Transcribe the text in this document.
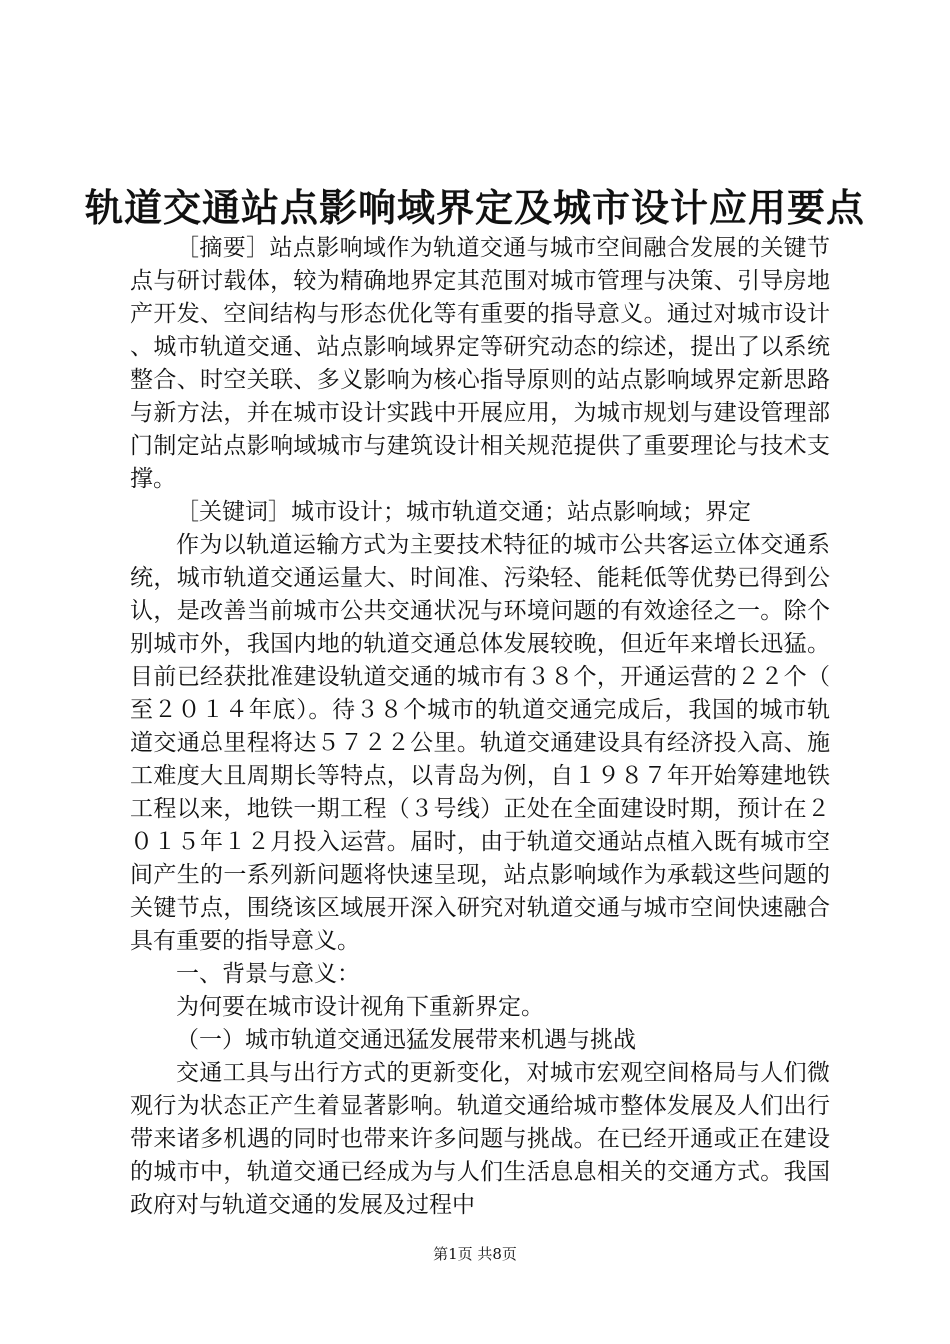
轨道交通站点影响域界定及城市设计应用要点

［摘要］站点影响域作为轨道交通与城市空间融合发展的关键节点与研讨载体，较为精确地界定其范围对城市管理与决策、引导房地产开发、空间结构与形态优化等有重要的指导意义。通过对城市设计、城市轨道交通、站点影响域界定等研究动态的综述，提出了以系统整合、时空关联、多义影响为核心指导原则的站点影响域界定新思路与新方法，并在城市设计实践中开展应用，为城市规划与建设管理部门制定站点影响域城市与建筑设计相关规范提供了重要理论与技术支撑。

［关键词］城市设计；城市轨道交通；站点影响域；界定

作为以轨道运输方式为主要技术特征的城市公共客运立体交通系统，城市轨道交通运量大、时间准、污染轻、能耗低等优势已得到公认，是改善当前城市公共交通状况与环境问题的有效途径之一。除个别城市外，我国内地的轨道交通总体发展较晚，但近年来增长迅猛。目前已经获批准建设轨道交通的城市有３８个，开通运营的２２个（至２０１４年底）。待３８个城市的轨道交通完成后，我国的城市轨道交通总里程将达５７２２公里。轨道交通建设具有经济投入高、施工难度大且周期长等特点，以青岛为例，自１９８７年开始筹建地铁工程以来，地铁一期工程（３号线）正处在全面建设时期，预计在２０１５年１２月投入运营。届时，由于轨道交通站点植入既有城市空间产生的一系列新问题将快速呈现，站点影响域作为承载这些问题的关键节点，围绕该区域展开深入研究对轨道交通与城市空间快速融合具有重要的指导意义。

一、背景与意义：

为何要在城市设计视角下重新界定。

（一）城市轨道交通迅猛发展带来机遇与挑战

交通工具与出行方式的更新变化，对城市宏观空间格局与人们微观行为状态正产生着显著影响。轨道交通给城市整体发展及人们出行带来诸多机遇的同时也带来许多问题与挑战。在已经开通或正在建设的城市中，轨道交通已经成为与人们生活息息相关的交通方式。我国政府对与轨道交通的发展及过程中

第1页 共8页
